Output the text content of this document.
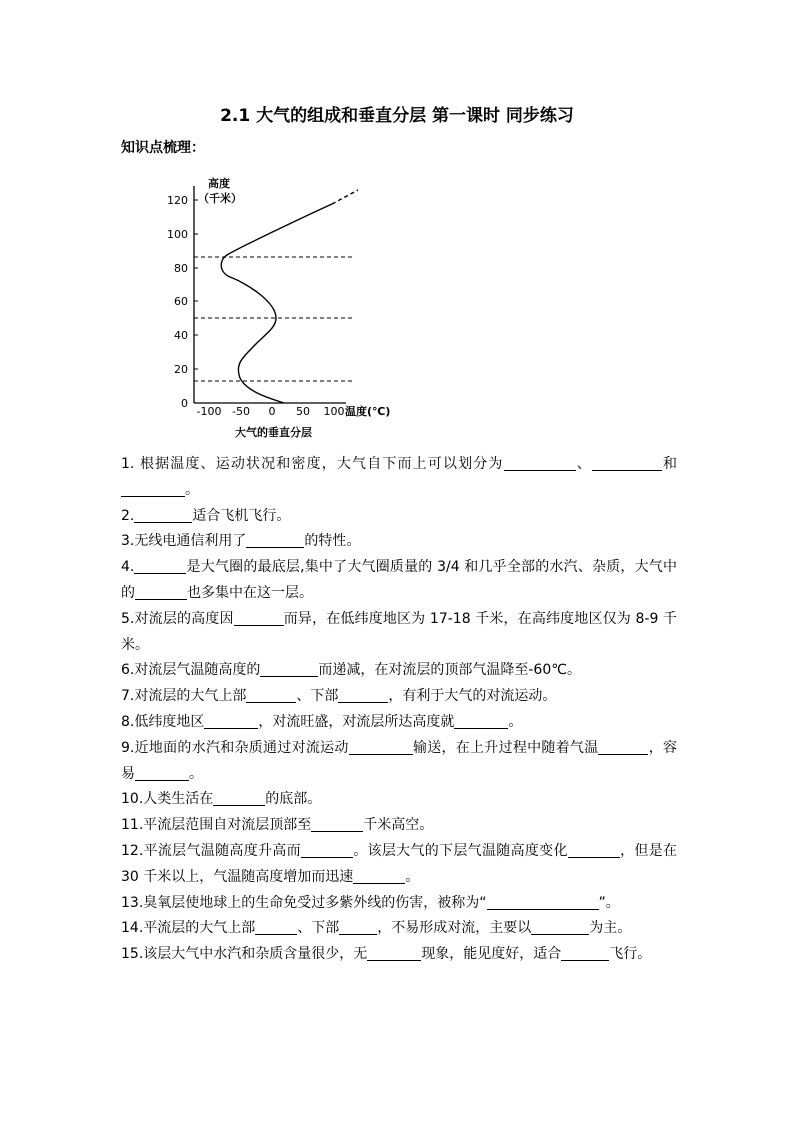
2.1 大气的组成和垂直分层 第一课时 同步练习
知识点梳理：
高度
（千米）
0
20
40
60
80
100
120
-100 -50 0 50 100 温度(℃)
大气的垂直分层

1. 根据温度、运动状况和密度，大气自下而上可以划分为	、	和。

2.	适合飞机飞行。

3.无线电通信利用了	的特性。

4.	是大气圈的最底层,集中了大气圈质量的 3/4 和几乎全部的水汽、杂质，大气中的	也多集中在这一层。

5.对流层的高度因	而异，在低纬度地区为 17-18 千米，在高纬度地区仅为 8-9 千米。

6.对流层气温随高度的	而递减，在对流层的顶部气温降至-60℃。

7.对流层的大气上部	、下部	，有利于大气的对流运动。

8.低纬度地区	，对流旺盛，对流层所达高度就	。

9.近地面的水汽和杂质通过对流运动	输送，在上升过程中随着气温	，容易	。

10.人类生活在	的底部。

11.平流层范围自对流层顶部至	千米高空。

12.平流层气温随高度升高而	。该层大气的下层气温随高度变化	，但是在 30 千米以上，气温随高度增加而迅速	。

13.臭氧层使地球上的生命免受过多紫外线的伤害，被称为“	”。

14.平流层的大气上部	、下部	，不易形成对流，主要以	为主。

15.该层大气中水汽和杂质含量很少，无	现象，能见度好，适合	飞行。
